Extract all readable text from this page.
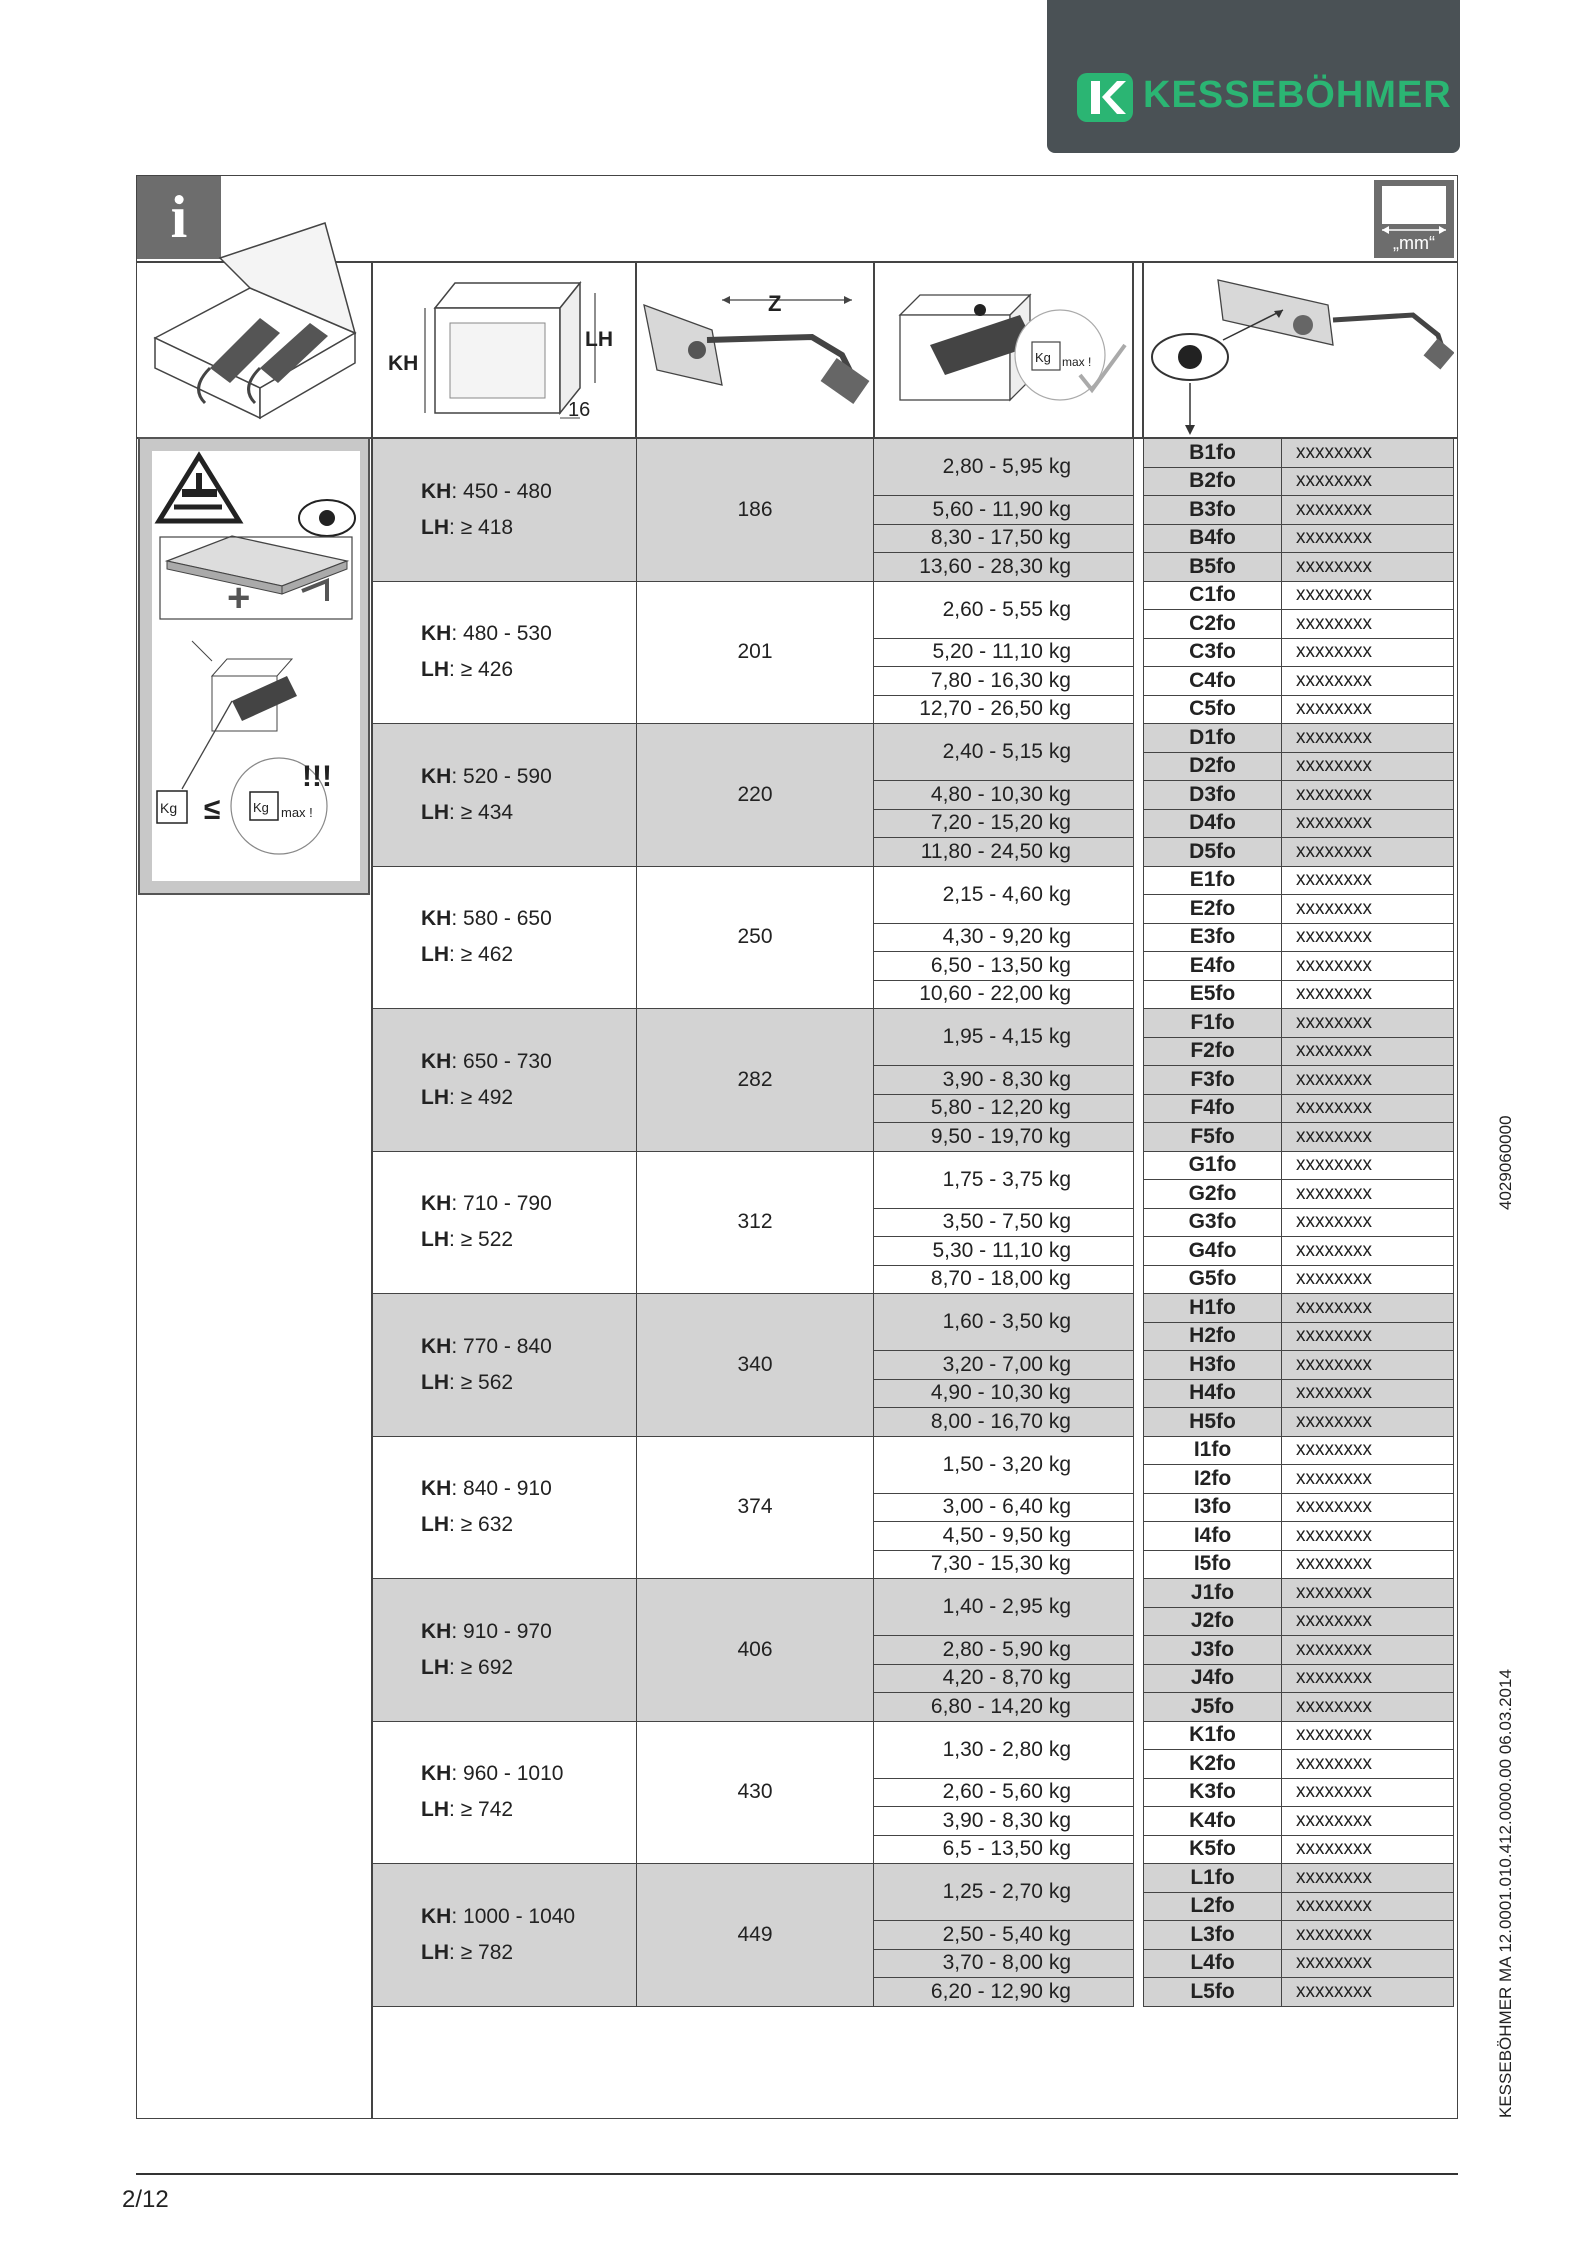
KESSEBÖHMER
i	„mm“
KH
LH
16
Z
Kg max !
+
Kg ≤	Kg max !
!!!
KH: 450 - 480
LH: ≥ 418	186	2,80 - 5,95 kg		B1fo	xxxxxxxx
				B2fo	xxxxxxxx
		5,60 - 11,90 kg		B3fo	xxxxxxxx
		8,30 - 17,50 kg		B4fo	xxxxxxxx
		13,60 - 28,30 kg		B5fo	xxxxxxxx

KH: 480 - 530
LH: ≥ 426	201	2,60 - 5,55 kg		C1fo	xxxxxxxx
				C2fo	xxxxxxxx
		5,20 - 11,10 kg		C3fo	xxxxxxxx
		7,80 - 16,30 kg		C4fo	xxxxxxxx
		12,70 - 26,50 kg		C5fo	xxxxxxxx

KH: 520 - 590
LH: ≥ 434	220	2,40 - 5,15 kg		D1fo	xxxxxxxx
				D2fo	xxxxxxxx
		4,80 - 10,30 kg		D3fo	xxxxxxxx
		7,20 - 15,20 kg		D4fo	xxxxxxxx
		11,80 - 24,50 kg		D5fo	xxxxxxxx

KH: 580 - 650
LH: ≥ 462	250	2,15 - 4,60 kg		E1fo	xxxxxxxx
				E2fo	xxxxxxxx
		4,30 - 9,20 kg		E3fo	xxxxxxxx
		6,50 - 13,50 kg		E4fo	xxxxxxxx
		10,60 - 22,00 kg		E5fo	xxxxxxxx

KH: 650 - 730
LH: ≥ 492	282	1,95 - 4,15 kg		F1fo	xxxxxxxx
				F2fo	xxxxxxxx
		3,90 - 8,30 kg		F3fo	xxxxxxxx
		5,80 - 12,20 kg		F4fo	xxxxxxxx
		9,50 - 19,70 kg		F5fo	xxxxxxxx

KH: 710 - 790
LH: ≥ 522	312	1,75 - 3,75 kg		G1fo	xxxxxxxx
				G2fo	xxxxxxxx
		3,50 - 7,50 kg		G3fo	xxxxxxxx
		5,30 - 11,10 kg		G4fo	xxxxxxxx
		8,70 - 18,00 kg		G5fo	xxxxxxxx

KH: 770 - 840
LH: ≥ 562	340	1,60 - 3,50 kg		H1fo	xxxxxxxx
				H2fo	xxxxxxxx
		3,20 - 7,00 kg		H3fo	xxxxxxxx
		4,90 - 10,30 kg		H4fo	xxxxxxxx
		8,00 - 16,70 kg		H5fo	xxxxxxxx

KH: 840 - 910
LH: ≥ 632	374	1,50 - 3,20 kg		I1fo	xxxxxxxx
				I2fo	xxxxxxxx
		3,00 - 6,40 kg		I3fo	xxxxxxxx
		4,50 - 9,50 kg		I4fo	xxxxxxxx
		7,30 - 15,30 kg		I5fo	xxxxxxxx

KH: 910 - 970
LH: ≥ 692	406	1,40 - 2,95 kg		J1fo	xxxxxxxx
				J2fo	xxxxxxxx
		2,80 - 5,90 kg		J3fo	xxxxxxxx
		4,20 - 8,70 kg		J4fo	xxxxxxxx
		6,80 - 14,20 kg		J5fo	xxxxxxxx

KH: 960 - 1010
LH: ≥ 742	430	1,30 - 2,80 kg		K1fo	xxxxxxxx
				K2fo	xxxxxxxx
		2,60 - 5,60 kg		K3fo	xxxxxxxx
		3,90 - 8,30 kg		K4fo	xxxxxxxx
		6,5 - 13,50 kg		K5fo	xxxxxxxx

KH: 1000 - 1040
LH: ≥ 782	449	1,25 - 2,70 kg		L1fo	xxxxxxxx
				L2fo	xxxxxxxx
		2,50 - 5,40 kg		L3fo	xxxxxxxx
		3,70 - 8,00 kg		L4fo	xxxxxxxx
		6,20 - 12,90 kg		L5fo	xxxxxxxx
4029060000
KESSEBÖHMER MA 12.0001.010.412.0000.00 06.03.2014
2/12
